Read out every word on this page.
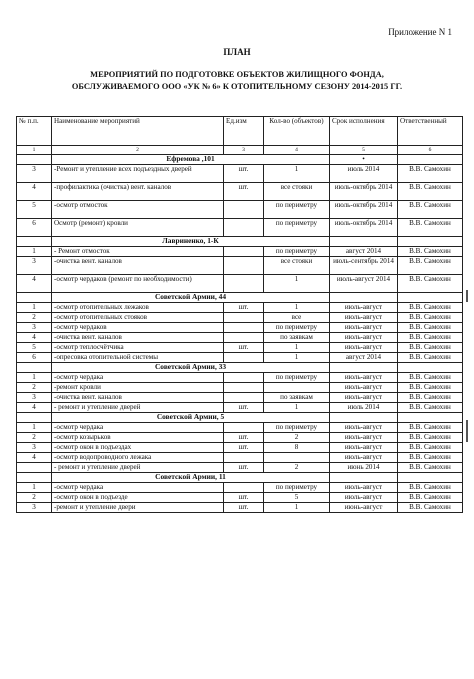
Приложение N 1
ПЛАН
МЕРОПРИЯТИЙ ПО ПОДГОТОВКЕ ОБЪЕКТОВ ЖИЛИЩНОГО ФОНДА,
ОБСЛУЖИВАЕМОГО ООО «УК № 6» К ОТОПИТЕЛЬНОМУ СЕЗОНУ 2014-2015 ГГ.
№ п.п.	Наименование мероприятий	Ед.изм	Кол-во (объектов)	Срок исполнения	Ответственный
1	2	3	4	5	6
	Ефремова ,101			•	
3	-Ремонт и утепление всех подъездных дверей	шт.	1	июль 2014	В.В. Самохин
4	-профилактика (очистка) вент. каналов	шт.	все стояки	июль-октябрь 2014	В.В. Самохин
5	-осмотр отмосток		по периметру	июль-октябрь 2014	В.В. Самохин
6	Осмотр (ремонт) кровли		по периметру	июль-октябрь 2014	В.В. Самохин
	Лавриненко, 1-К				
1	- Ремонт отмосток		по периметру	август 2014	В.В. Самохин
3	-очистка вент. каналов		все стояки	июль-сентябрь 2014	В.В. Самохин
4	-осмотр чердаков (ремонт по необходимости)		1	июль-август 2014	В.В. Самохин
	Советской Армии, 44				
1	-осмотр отопительных лежаков	шт.	1	июль-август	В.В. Самохин
2	-осмотр отопительных стояков		все	июль-август	В.В. Самохин
3	-осмотр чердаков		по периметру	июль-август	В.В. Самохин
4	-очистка вент. каналов		по заявкам	июль-август	В.В. Самохин
5	-осмотр теплосчётчика	шт.	1	июль-август	В.В. Самохин
6	-опресовка отопительной системы		1	август 2014	В.В. Самохин
	Советской Армии, 33				
1	-осмотр чердака		по периметру	июль-август	В.В. Самохин
2	-ремонт кровли			июль-август	В.В. Самохин
3	-очистка вент. каналов		по заявкам	июль-август	В.В. Самохин
4	- ремонт и утепление дверей	шт.	1	июль 2014	В.В. Самохин
	Советской Армии, 5				
1	-осмотр чердака		по периметру	июль-август	В.В. Самохин
2	-осмотр козырьков	шт.	2	июль-август	В.В. Самохин
3	-осмотр окон в подъездах	шт.	8	июль-август	В.В. Самохин
4	-осмотр водопроводного лежака			июль-август	В.В. Самохин
	- ремонт и утепление дверей	шт.	2	июнь 2014	В.В. Самохин
	Советской Армии, 11				
1	-осмотр чердака		по периметру	июль-август	В.В. Самохин
2	-осмотр окон в подъезде	шт.	5	июль-август	В.В. Самохин
3	-ремонт и утепление двери	шт.	1	июнь-август	В.В. Самохин
